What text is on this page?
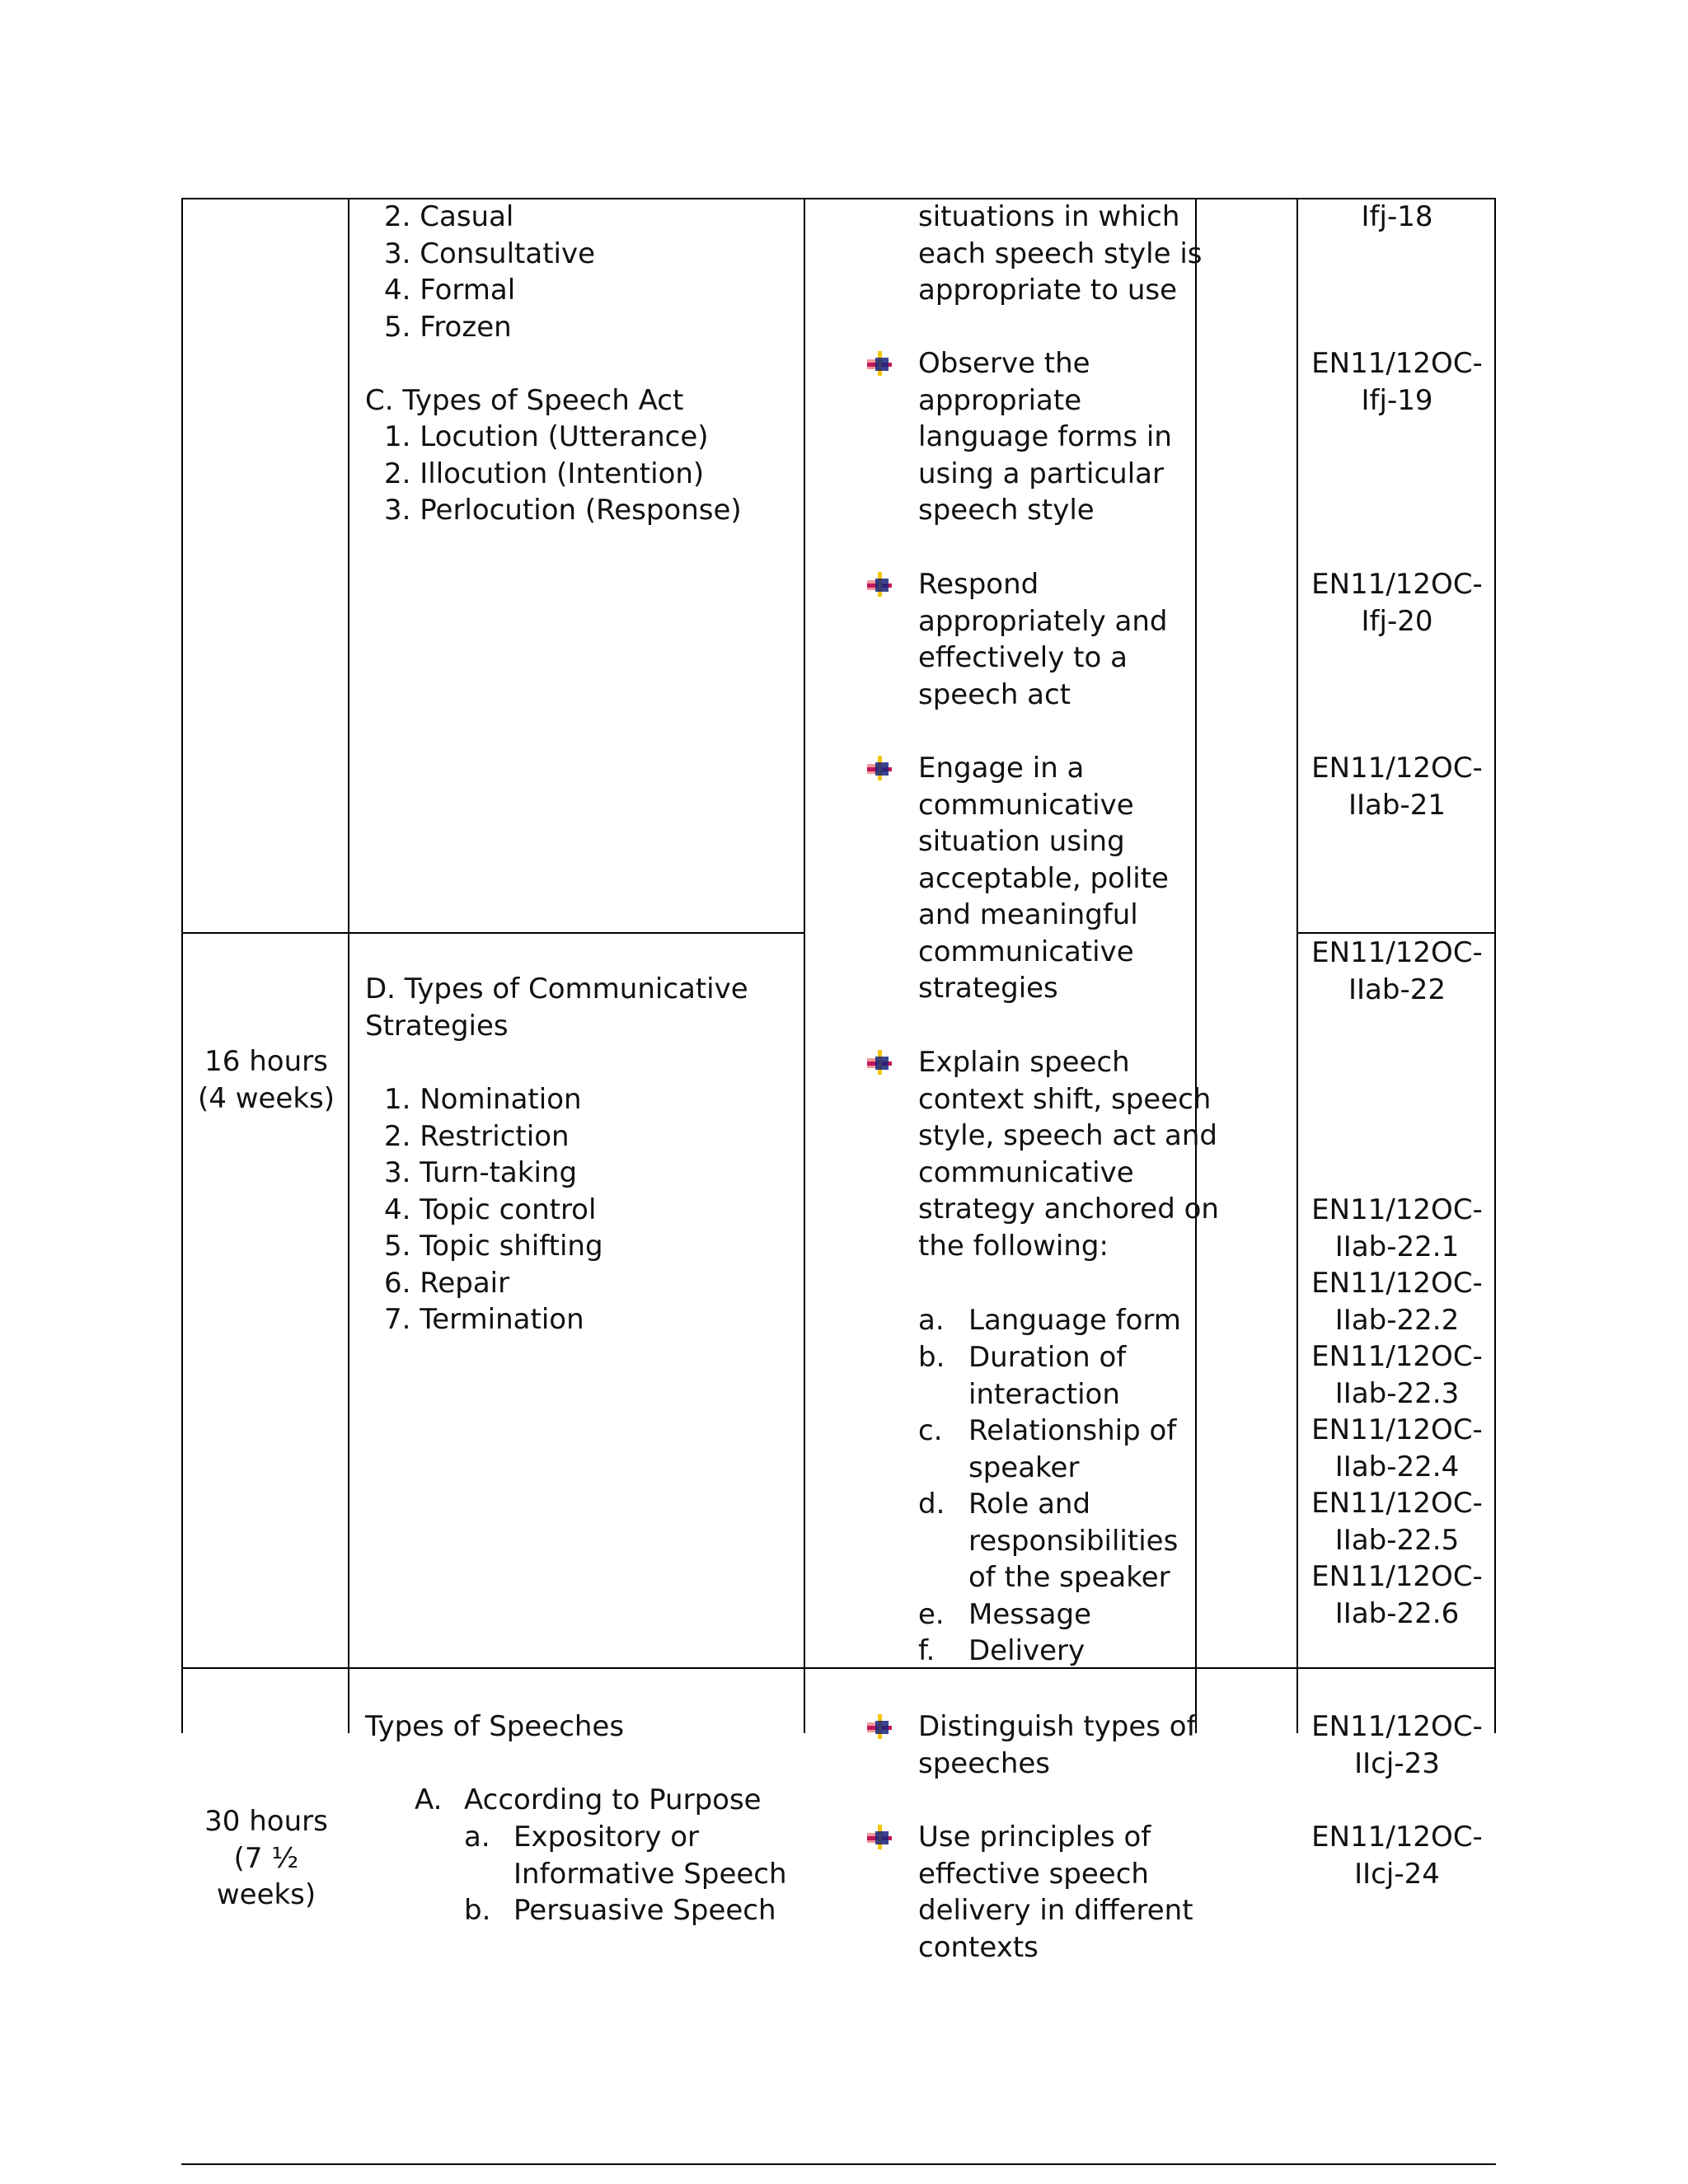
16 hours
(4 weeks)
30 hours
(7 ½
weeks)
2. Casual
3. Consultative
4. Formal
5. Frozen
C. Types of Speech Act
1. Locution (Utterance)
2. Illocution (Intention)
3. Perlocution (Response)
D. Types of Communicative
Strategies
1. Nomination
2. Restriction
3. Turn-taking
4. Topic control
5. Topic shifting
6. Repair
7. Termination
Types of Speeches
A. According to Purpose
a. Expository or
Informative Speech
b. Persuasive Speech
situations in which
each speech style is
appropriate to use
Observe the
appropriate
language forms in
using a particular
speech style
Respond
appropriately and
effectively to a
speech act
Engage in a
communicative
situation using
acceptable, polite
and meaningful
communicative
strategies
Explain speech
context shift, speech
style, speech act and
communicative
strategy anchored on
the following:
a. Language form
b. Duration of
interaction
c. Relationship of
speaker
d. Role and
responsibilities
of the speaker
e. Message
f. Delivery
Distinguish types of
speeches
Use principles of
effective speech
delivery in different
contexts
Ifj-18
EN11/12OC-
Ifj-19
EN11/12OC-
Ifj-20
EN11/12OC-
IIab-21
EN11/12OC-
IIab-22
EN11/12OC-
IIab-22.1
EN11/12OC-
IIab-22.2
EN11/12OC-
IIab-22.3
EN11/12OC-
IIab-22.4
EN11/12OC-
IIab-22.5
EN11/12OC-
IIab-22.6
EN11/12OC-
IIcj-23
EN11/12OC-
IIcj-24
